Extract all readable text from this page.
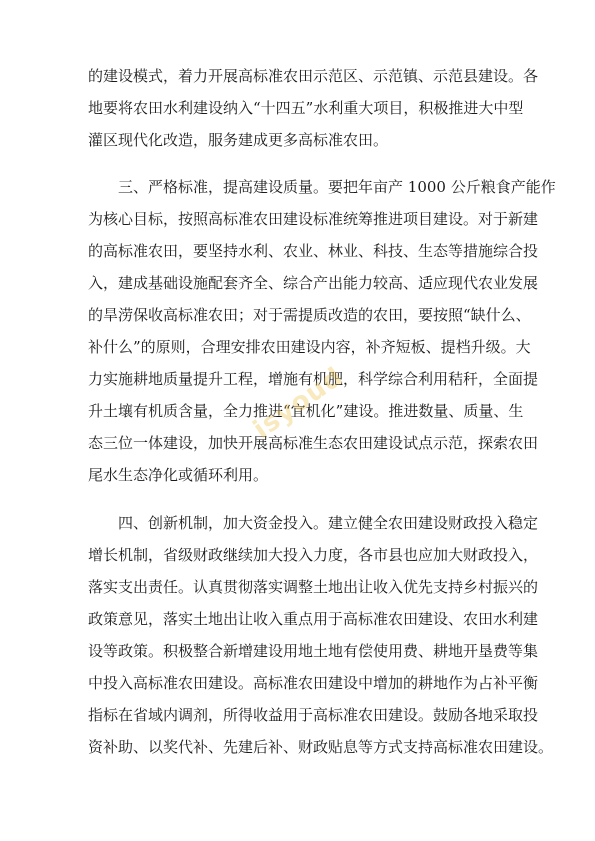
的建设模式，着力开展高标准农田示范区、示范镇、示范县建设。各
地要将农田水利建设纳入“十四五”水利重大项目，积极推进大中型
灌区现代化改造，服务建成更多高标准农田。
三、严格标准，提高建设质量。要把年亩产 1000 公斤粮食产能作
为核心目标，按照高标准农田建设标准统筹推进项目建设。对于新建
的高标准农田，要坚持水利、农业、林业、科技、生态等措施综合投
入，建成基础设施配套齐全、综合产出能力较高、适应现代农业发展
的旱涝保收高标准农田；对于需提质改造的农田，要按照“缺什么、
补什么”的原则，合理安排农田建设内容，补齐短板、提档升级。大
力实施耕地质量提升工程，增施有机肥，科学综合利用秸秆，全面提
升土壤有机质含量，全力推进“宜机化”建设。推进数量、质量、生
态三位一体建设，加快开展高标准生态农田建设试点示范，探索农田
尾水生态净化或循环利用。
四、创新机制，加大资金投入。建立健全农田建设财政投入稳定
增长机制，省级财政继续加大投入力度，各市县也应加大财政投入，
落实支出责任。认真贯彻落实调整土地出让收入优先支持乡村振兴的
政策意见，落实土地出让收入重点用于高标准农田建设、农田水利建
设等政策。积极整合新增建设用地土地有偿使用费、耕地开垦费等集
中投入高标准农田建设。高标准农田建设中增加的耕地作为占补平衡
指标在省域内调剂，所得收益用于高标准农田建设。鼓励各地采取投
资补助、以奖代补、先建后补、财政贴息等方式支持高标准农田建设。
isyoud
